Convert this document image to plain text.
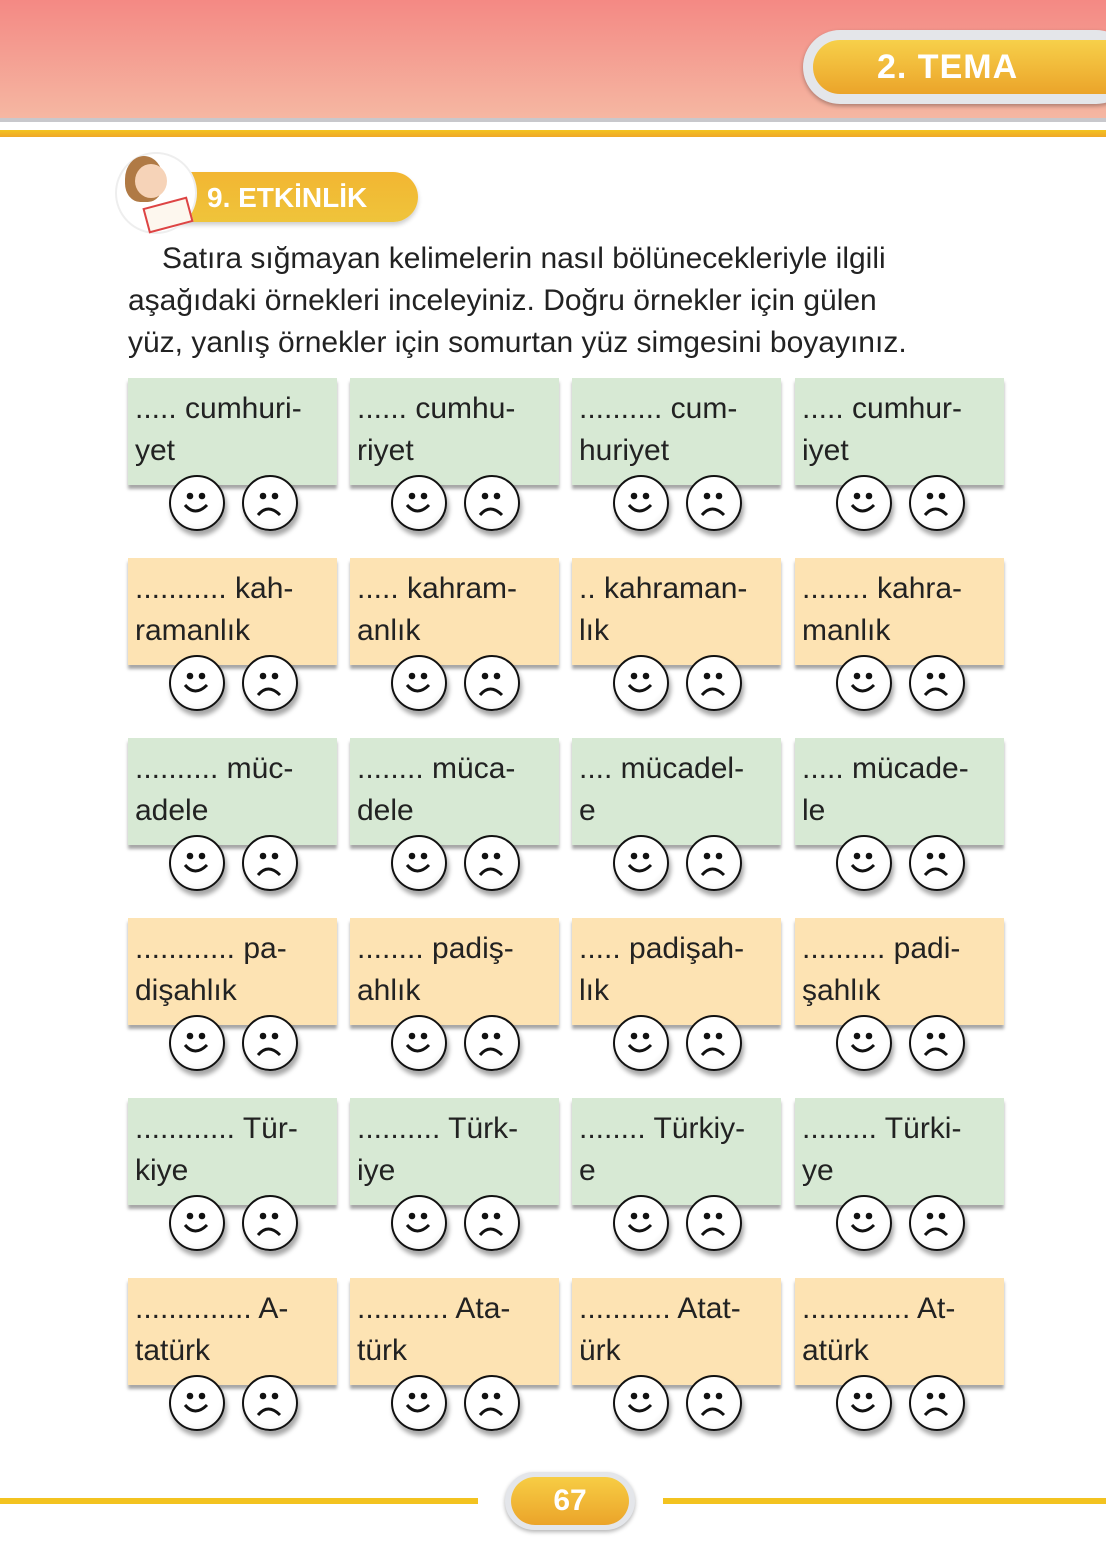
2. TEMA
9. ETKİNLİK
Satıra sığmayan kelimelerin nasıl bölünecekleriyle ilgili
aşağıdaki örnekleri inceleyiniz. Doğru örnekler için gülen
yüz, yanlış örnekler için somurtan yüz simgesini boyayınız.
..... cumhuri-
yet
...... cumhu-
riyet
.......... cum-
huriyet
..... cumhur-
iyet
........... kah-
ramanlık
..... kahram-
anlık
.. kahraman-
lık
........ kahra-
manlık
.......... müc-
adele
........ müca-
dele
.... mücadel-
e
..... mücade-
le
............ pa-
dişahlık
........ padiş-
ahlık
..... padişah-
lık
.......... padi-
şahlık
............ Tür-
kiye
.......... Türk-
iye
........ Türkiy-
e
......... Türki-
ye
.............. A-
tatürk
........... Ata-
türk
........... Atat-
ürk
............. At-
atürk
67
